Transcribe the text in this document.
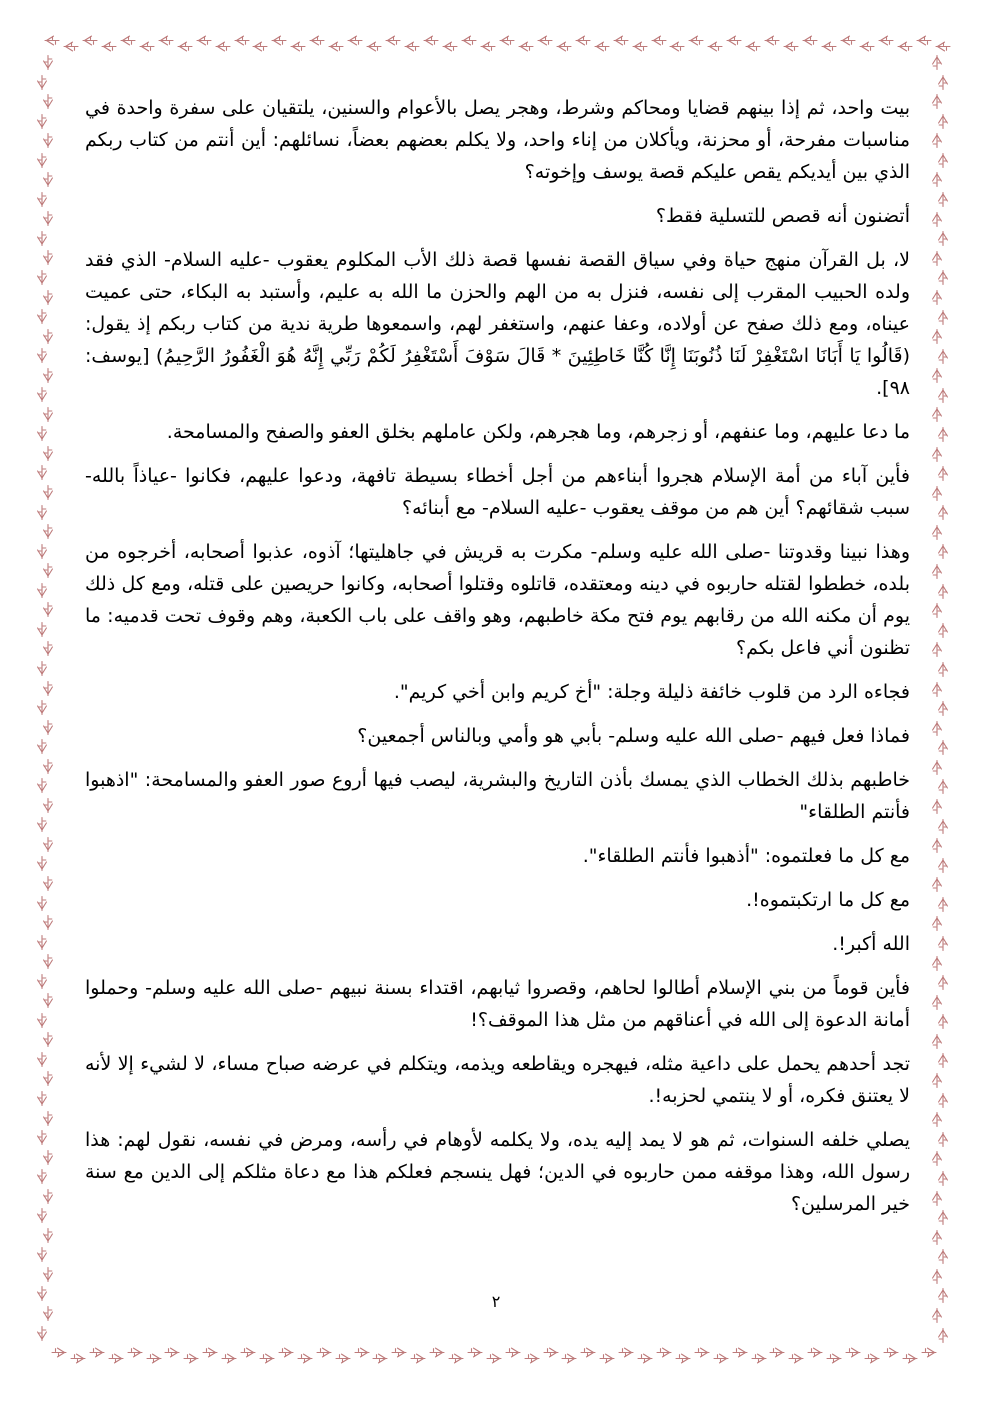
بيت واحد، ثم إذا بينهم قضايا ومحاكم وشرط، وهجر يصل بالأعوام والسنين، يلتقيان على سفرة واحدة في مناسبات مفرحة، أو محزنة، ويأكلان من إناء واحد، ولا يكلم بعضهم بعضاً، نسائلهم: أين أنتم من كتاب ربكم الذي بين أيديكم يقص عليكم قصة يوسف وإخوته؟

أتضنون أنه قصص للتسلية فقط؟

لا، بل القرآن منهج حياة وفي سياق القصة نفسها قصة ذلك الأب المكلوم يعقوب -عليه السلام- الذي فقد ولده الحبيب المقرب إلى نفسه، فنزل به من الهم والحزن ما الله به عليم، وأستبد به البكاء، حتى عميت عيناه، ومع ذلك صفح عن أولاده، وعفا عنهم، واستغفر لهم، واسمعوها طرية ندية من كتاب ربكم إذ يقول: (قَالُوا يَا أَبَانَا اسْتَغْفِرْ لَنَا ذُنُوبَنَا إِنَّا كُنَّا خَاطِئِينَ * قَالَ سَوْفَ أَسْتَغْفِرُ لَكُمْ رَبِّي إِنَّهُ هُوَ الْغَفُورُ الرَّحِيمُ) [يوسف: ٩٨].

ما دعا عليهم، وما عنفهم، أو زجرهم، وما هجرهم، ولكن عاملهم بخلق العفو والصفح والمسامحة.

فأين آباء من أمة الإسلام هجروا أبناءهم من أجل أخطاء بسيطة تافهة، ودعوا عليهم، فكانوا -عياذاً بالله- سبب شقائهم؟ أين هم من موقف يعقوب -عليه السلام- مع أبنائه؟

وهذا نبينا وقدوتنا -صلى الله عليه وسلم- مكرت به قريش في جاهليتها؛ آذوه، عذبوا أصحابه، أخرجوه من بلده، خططوا لقتله حاربوه في دينه ومعتقده، قاتلوه وقتلوا أصحابه، وكانوا حريصين على قتله، ومع كل ذلك يوم أن مكنه الله من رقابهم يوم فتح مكة خاطبهم، وهو واقف على باب الكعبة، وهم وقوف تحت قدميه: ما تظنون أني فاعل بكم؟

فجاءه الرد من قلوب خائفة ذليلة وجلة: "أخ كريم وابن أخي كريم".

فماذا فعل فيهم -صلى الله عليه وسلم- بأبي هو وأمي وبالناس أجمعين؟

خاطبهم بذلك الخطاب الذي يمسك بأذن التاريخ والبشرية، ليصب فيها أروع صور العفو والمسامحة: "اذهبوا فأنتم الطلقاء"

مع كل ما فعلتموه: "أذهبوا فأنتم الطلقاء".

مع كل ما ارتكبتموه!.

الله أكبر!.

فأين قوماً من بني الإسلام أطالوا لحاهم، وقصروا ثيابهم، اقتداء بسنة نبيهم -صلى الله عليه وسلم- وحملوا أمانة الدعوة إلى الله في أعناقهم من مثل هذا الموقف؟!

تجد أحدهم يحمل على داعية مثله، فيهجره ويقاطعه ويذمه، ويتكلم في عرضه صباح مساء، لا لشيء إلا لأنه لا يعتنق فكره، أو لا ينتمي لحزبه!.

يصلي خلفه السنوات، ثم هو لا يمد إليه يده، ولا يكلمه لأوهام في رأسه، ومرض في نفسه، نقول لهم: هذا رسول الله، وهذا موقفه ممن حاربوه في الدين؛ فهل ينسجم فعلكم هذا مع دعاة مثلكم إلى الدين مع سنة خير المرسلين؟

٢
